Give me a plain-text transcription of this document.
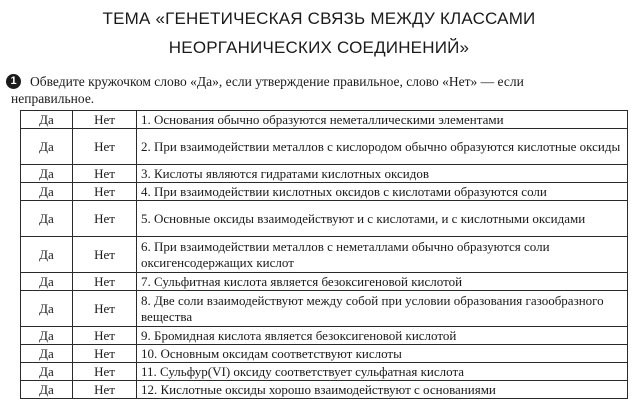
ТЕМА «ГЕНЕТИЧЕСКАЯ СВЯЗЬ МЕЖДУ КЛАССАМИ
НЕОРГАНИЧЕСКИХ СОЕДИНЕНИЙ»
1 Обведите кружочком слово «Да», если утверждение правильное, слово «Нет» — если
неправильное.
Да	Нет	1. Основания обычно образуются неметаллическими элементами
Да	Нет	2. При взаимодействии металлов с кислородом обычно образуются кислотные оксиды
Да	Нет	3. Кислоты являются гидратами кислотных оксидов
Да	Нет	4. При взаимодействии кислотных оксидов с кислотами образуются соли
Да	Нет	5. Основные оксиды взаимодействуют и с кислотами, и с кислотными оксидами
Да	Нет	6. При взаимодействии металлов с неметаллами обычно образуются соли оксигенсодержащих кислот
Да	Нет	7. Сульфитная кислота является безоксигеновой кислотой
Да	Нет	8. Две соли взаимодействуют между собой при условии образования газообразного вещества
Да	Нет	9. Бромидная кислота является безоксигеновой кислотой
Да	Нет	10. Основным оксидам соответствуют кислоты
Да	Нет	11. Сульфур(VI) оксиду соответствует сульфатная кислота
Да	Нет	12. Кислотные оксиды хорошо взаимодействуют с основаниями
